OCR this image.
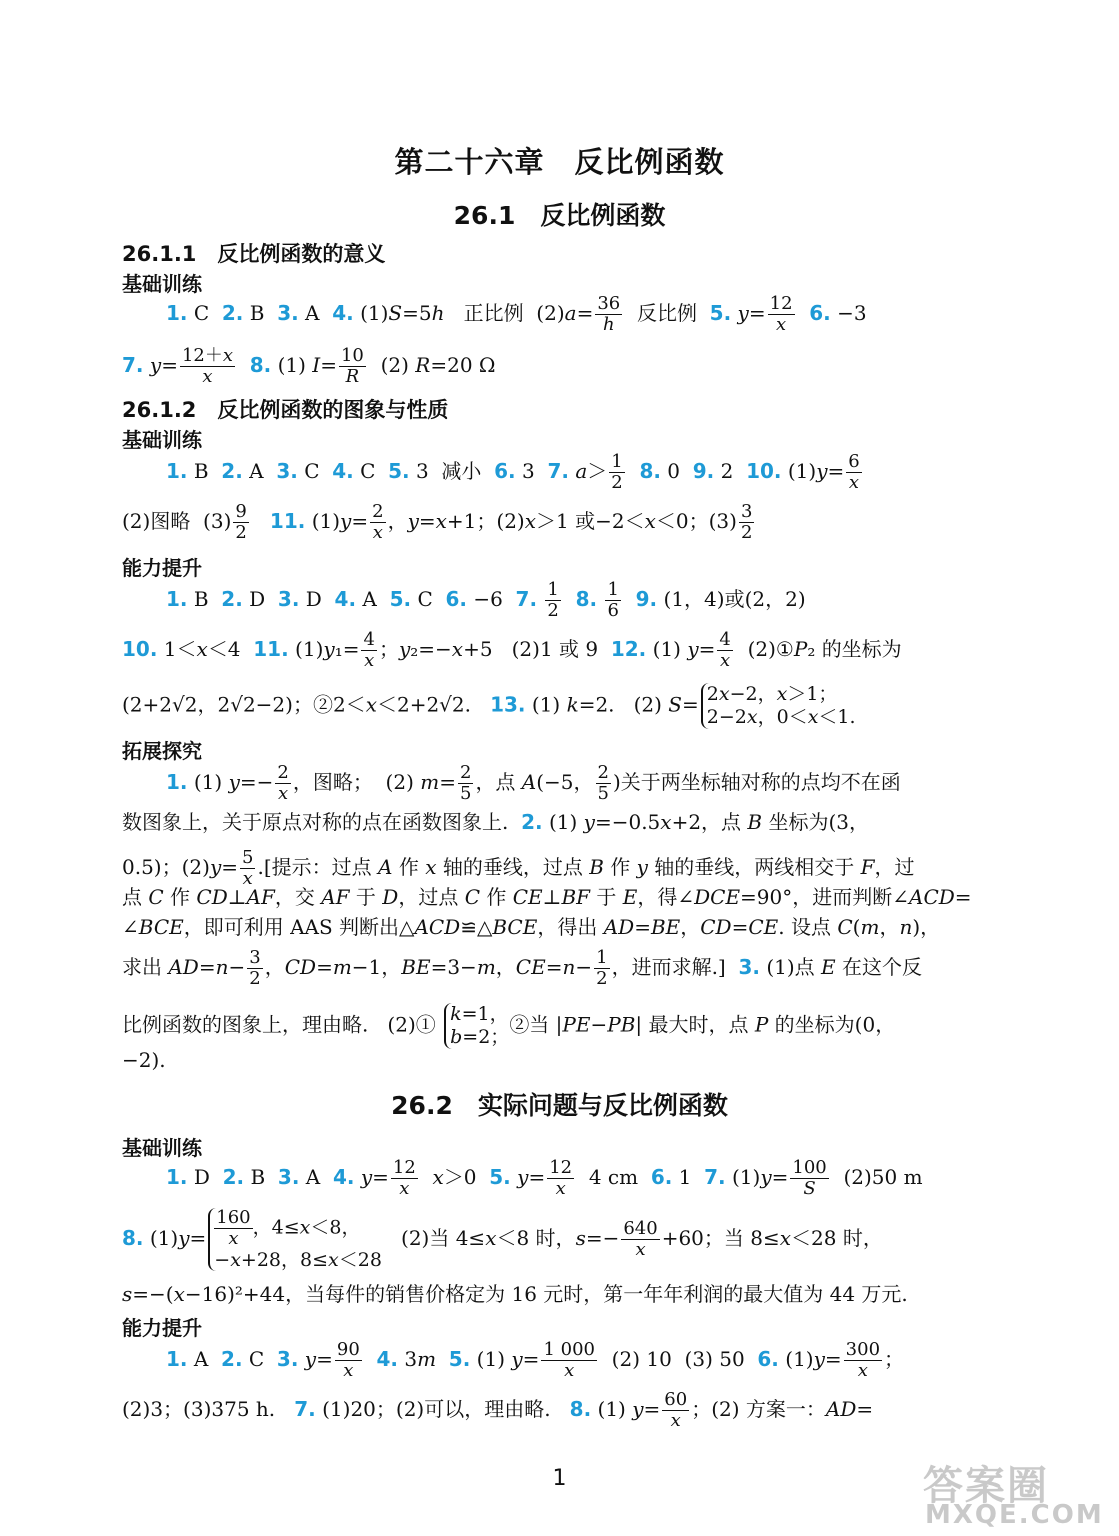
第二十六章　反比例函数
26.1　反比例函数
26.1.1　反比例函数的意义
基础训练
1. C  2. B  3. A  4. (1)S=5h   正比例  $(2)a= \frac{36}{h}$ 反比例  5. $y= \frac{12}{x} 6$. −3
7. $y= \frac{12+x}{x} 8$. (1) $I= \frac{10}{R} (2)$ R=20 Ω
26.1.2　反比例函数的图象与性质
基础训练
1. B  2. A  3. C  4. C  5. 3  减小  6. 3  7. $a> \frac{1}{2} 8$. 0  9. 2  10. $(1)y= \frac{6}{x}$
(2)图略  $(3) \frac{9}{2} 11$. $(1)y= \frac{2}{x}$ ，y=x+1；(2)x＞1 或−2＜x＜0；$(3) \frac{3}{2}$
能力提升
1. B  2. D  3. D  4. A  5. C  6. −6  7. $\frac{1}{2} 8$. $\frac{1}{6} 9$. (1，4)或(2，2)
10. 1＜x＜4  11. $(1)y_1= \frac{4}{x}$ ；y₂=−x+5   (2)1 或 9  12. (1) $y= \frac{4}{x}$ (2)①P₂ 的坐标为
(2+2√2，2√2−2)；②2＜x＜2+2√2.   13. (1) k=2.   (2) S= 2x−2，x＞1；
2−2x，0＜x＜1.
拓展探究
1. (1) $y=- \frac{2}{x}$ ，图略；  (2) $m= \frac{2}{5}$ ，点 A(−5， $\frac{2}{5}$ )关于两坐标轴对称的点均不在函
数图象上，关于原点对称的点在函数图象上.  2. (1) y=−0.5x+2，点 B 坐标为(3，
0.5)；$(2)y= \frac{5}{x}$ .[提示：过点 A 作 x 轴的垂线，过点 B 作 y 轴的垂线，两线相交于 F，过
点 C 作 CD⊥AF，交 AF 于 D，过点 C 作 CE⊥BF 于 E，得∠DCE=90°，进而判断∠ACD=
∠BCE，即可利用 AAS 判断出△ACD≌△BCE，得出 AD=BE，CD=CE. 设点 C(m，n)，
求出 $AD=n- \frac{3}{2}$ ，CD=m−1，BE=3−m，$CE=n- \frac{1}{2}$ ，进而求解.]  3. (1)点 E 在这个反
比例函数的图象上，理由略.   (2)① k=1，
b=2；
②当 |PE−PB| 最大时，点 P 的坐标为(0，
−2).
26.2　实际问题与反比例函数
基础训练
1. D  2. B  3. A  4. $y= \frac{12}{x} x>0$  5. $y= \frac{12}{x} 4$ cm  6. 1  7. $(1)y= \frac{100}{S} (2)50$ m
8. $(1)y= \frac{160}{x}$ ，4≤x＜8，
−x+28，8≤x＜28
(2)当 4≤x＜8 时，$s=- \frac{640}{x} +60$；当 8≤x＜28 时，
s=−(x−16)²+44，当每件的销售价格定为 16 元时，第一年年利润的最大值为 44 万元.
能力提升
1. A  2. C  3. $y= \frac{90}{x} 4$. 3m 5. (1) $y= \frac{1 000}{x} (2)$ 10  (3) 50  6. $(1)y= \frac{300}{x}$ ；
(2)3；(3)375 h.   7. (1)20；(2)可以，理由略.   8. (1) $y= \frac{60}{x}$ ；(2) 方案一：AD=
1	答案圈
MXQE.COM
